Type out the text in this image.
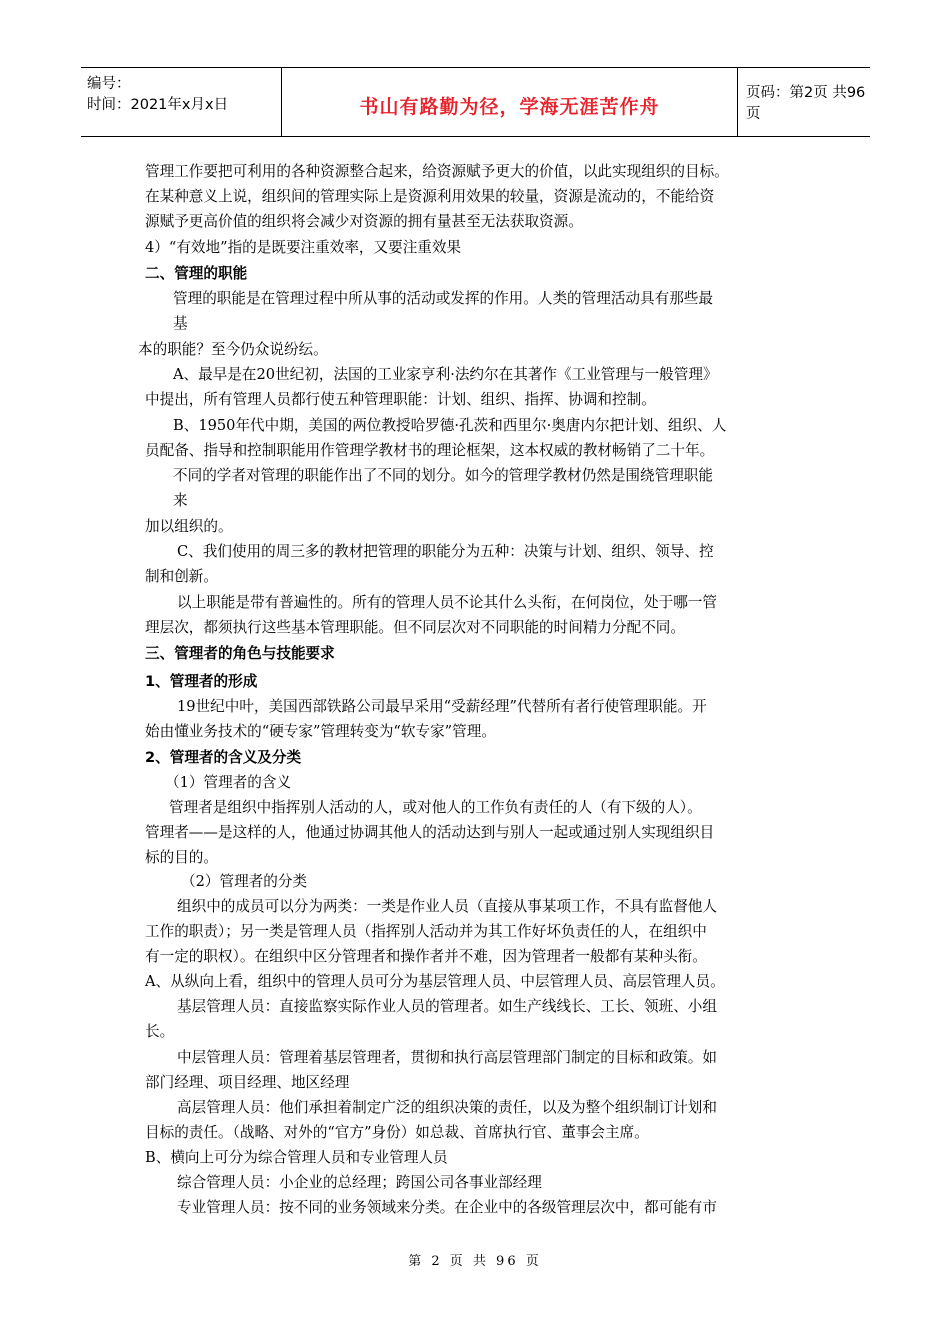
编号：
时间：2021年x月x日	书山有路勤为径，学海无涯苦作舟
页码：第2页 共96页
管理工作要把可利用的各种资源整合起来，给资源赋予更大的价值，以此实现组织的目标。
在某种意义上说，组织间的管理实际上是资源利用效果的较量，资源是流动的，不能给资
源赋予更高价值的组织将会减少对资源的拥有量甚至无法获取资源。
4）“有效地”指的是既要注重效率，又要注重效果
二、管理的职能
管理的职能是在管理过程中所从事的活动或发挥的作用。人类的管理活动具有那些最
基
本的职能？至今仍众说纷纭。
A、最早是在20世纪初，法国的工业家亨利·法约尔在其著作《工业管理与一般管理》
中提出，所有管理人员都行使五种管理职能：计划、组织、指挥、协调和控制。
B、1950年代中期，美国的两位教授哈罗德·孔茨和西里尔·奥唐内尔把计划、组织、人
员配备、指导和控制职能用作管理学教材书的理论框架，这本权威的教材畅销了二十年。
不同的学者对管理的职能作出了不同的划分。如今的管理学教材仍然是围绕管理职能
来
加以组织的。
C、我们使用的周三多的教材把管理的职能分为五种：决策与计划、组织、领导、控
制和创新。
以上职能是带有普遍性的。所有的管理人员不论其什么头衔，在何岗位，处于哪一管
理层次，都须执行这些基本管理职能。但不同层次对不同职能的时间精力分配不同。
三、管理者的角色与技能要求
1、管理者的形成
19世纪中叶，美国西部铁路公司最早采用“受薪经理”代替所有者行使管理职能。开
始由懂业务技术的“硬专家”管理转变为“软专家”管理。
2、管理者的含义及分类
（1）管理者的含义
管理者是组织中指挥别人活动的人，或对他人的工作负有责任的人（有下级的人）。
管理者——是这样的人，他通过协调其他人的活动达到与别人一起或通过别人实现组织目
标的目的。
（2）管理者的分类
组织中的成员可以分为两类：一类是作业人员（直接从事某项工作，不具有监督他人
工作的职责）；另一类是管理人员（指挥别人活动并为其工作好坏负责任的人，在组织中
有一定的职权）。在组织中区分管理者和操作者并不难，因为管理者一般都有某种头衔。
A、从纵向上看，组织中的管理人员可分为基层管理人员、中层管理人员、高层管理人员。
基层管理人员：直接监察实际作业人员的管理者。如生产线线长、工长、领班、小组
长。
中层管理人员：管理着基层管理者，贯彻和执行高层管理部门制定的目标和政策。如
部门经理、项目经理、地区经理
高层管理人员：他们承担着制定广泛的组织决策的责任，以及为整个组织制订计划和
目标的责任。（战略、对外的“官方”身份）如总裁、首席执行官、董事会主席。
B、横向上可分为综合管理人员和专业管理人员
综合管理人员：小企业的总经理；跨国公司各事业部经理
专业管理人员：按不同的业务领域来分类。在企业中的各级管理层次中，都可能有市
第 2 页 共 96 页
